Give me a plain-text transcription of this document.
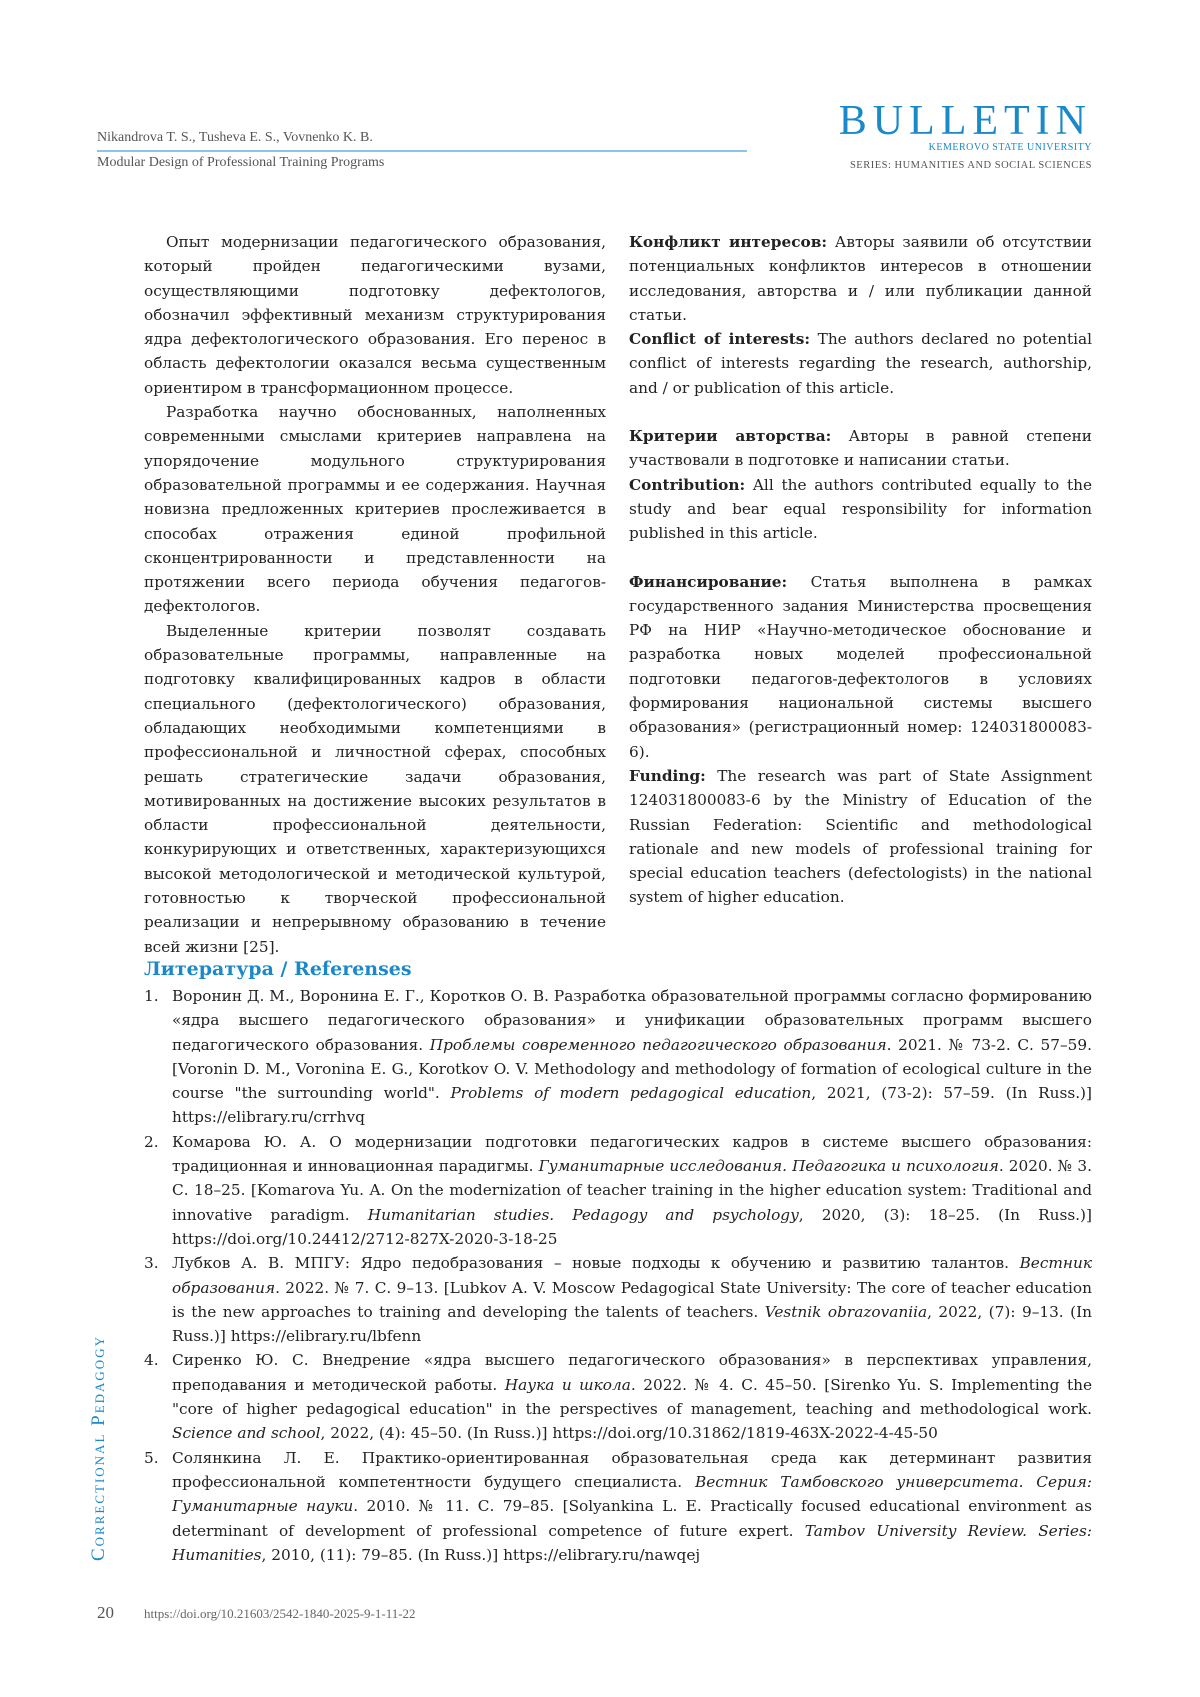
Nikandrova T. S., Tusheva E. S., Vovnenko K. B.
Modular Design of Professional Training Programs
BULLETIN
KEMEROVO STATE UNIVERSITY
SERIES: HUMANITIES AND SOCIAL SCIENCES

Опыт модернизации педагогического образования, который пройден педагогическими вузами, осуществляющими подготовку дефектологов, обозначил эффективный механизм структурирования ядра дефектологического образования. Его перенос в область дефектологии оказался весьма существенным ориентиром в трансформационном процессе.

Разработка научно обоснованных, наполненных современными смыслами критериев направлена на упорядочение модульного структурирования образовательной программы и ее содержания. Научная новизна предложенных критериев прослеживается в способах отражения единой профильной сконцентрированности и представленности на протяжении всего периода обучения педагогов-дефектологов.

Выделенные критерии позволят создавать образовательные программы, направленные на подготовку квалифицированных кадров в области специального (дефектологического) образования, обладающих необходимыми компетенциями в профессиональной и личностной сферах, способных решать стратегические задачи образования, мотивированных на достижение высоких результатов в области профессиональной деятельности, конкурирующих и ответственных, характеризующихся высокой методологической и методической культурой, готовностью к творческой профессиональной реализации и непрерывному образованию в течение всей жизни [25].

Конфликт интересов: Авторы заявили об отсутствии потенциальных конфликтов интересов в отношении исследования, авторства и / или публикации данной статьи.

Conflict of interests: The authors declared no potential conflict of interests regarding the research, authorship, and / or publication of this article.

Критерии авторства: Авторы в равной степени участвовали в подготовке и написании статьи.

Contribution: All the authors contributed equally to the study and bear equal responsibility for information published in this article.

Финансирование: Статья выполнена в рамках государственного задания Министерства просвещения РФ на НИР «Научно-методическое обоснование и разработка новых моделей профессиональной подготовки педагогов-дефектологов в условиях формирования национальной системы высшего образования» (регистрационный номер: 124031800083-6).

Funding: The research was part of State Assignment 124031800083-6 by the Ministry of Education of the Russian Federation: Scientific and methodological rationale and new models of professional training for special education teachers (defectologists) in the national system of higher education.

Литература / Referenses
1. Воронин Д. М., Воронина Е. Г., Коротков О. В. Разработка образовательной программы согласно формированию «ядра высшего педагогического образования» и унификации образовательных программ высшего педагогического образования. Проблемы современного педагогического образования. 2021. № 73-2. С. 57–59. [Voronin D. M., Voronina E. G., Korotkov O. V. Methodology and methodology of formation of ecological culture in the course "the surrounding world". Problems of modern pedagogical education, 2021, (73-2): 57–59. (In Russ.)] https://elibrary.ru/crrhvq
2. Комарова Ю. А. О модернизации подготовки педагогических кадров в системе высшего образования: традиционная и инновационная парадигмы. Гуманитарные исследования. Педагогика и психология. 2020. № 3. С. 18–25. [Komarova Yu. A. On the modernization of teacher training in the higher education system: Traditional and innovative paradigm. Humanitarian studies. Pedagogy and psychology, 2020, (3): 18–25. (In Russ.)] https://doi.org/10.24412/2712-827X-2020-3-18-25
3. Лубков А. В. МПГУ: Ядро педобразования – новые подходы к обучению и развитию талантов. Вестник образования. 2022. № 7. С. 9–13. [Lubkov A. V. Moscow Pedagogical State University: The core of teacher education is the new approaches to training and developing the talents of teachers. Vestnik obrazovaniia, 2022, (7): 9–13. (In Russ.)] https://elibrary.ru/lbfenn
4. Сиренко Ю. С. Внедрение «ядра высшего педагогического образования» в перспективах управления, преподавания и методической работы. Наука и школа. 2022. № 4. С. 45–50. [Sirenko Yu. S. Implementing the "core of higher pedagogical education" in the perspectives of management, teaching and methodological work. Science and school, 2022, (4): 45–50. (In Russ.)] https://doi.org/10.31862/1819-463X-2022-4-45-50
5. Солянкина Л. Е. Практико-ориентированная образовательная среда как детерминант развития профессиональной компетентности будущего специалиста. Вестник Тамбовского университета. Серия: Гуманитарные науки. 2010. № 11. С. 79–85. [Solyankina L. E. Practically focused educational environment as determinant of development of professional competence of future expert. Tambov University Review. Series: Humanities, 2010, (11): 79–85. (In Russ.)] https://elibrary.ru/nawqej
Correctional Pedagogy
20 https://doi.org/10.21603/2542-1840-2025-9-1-11-22
